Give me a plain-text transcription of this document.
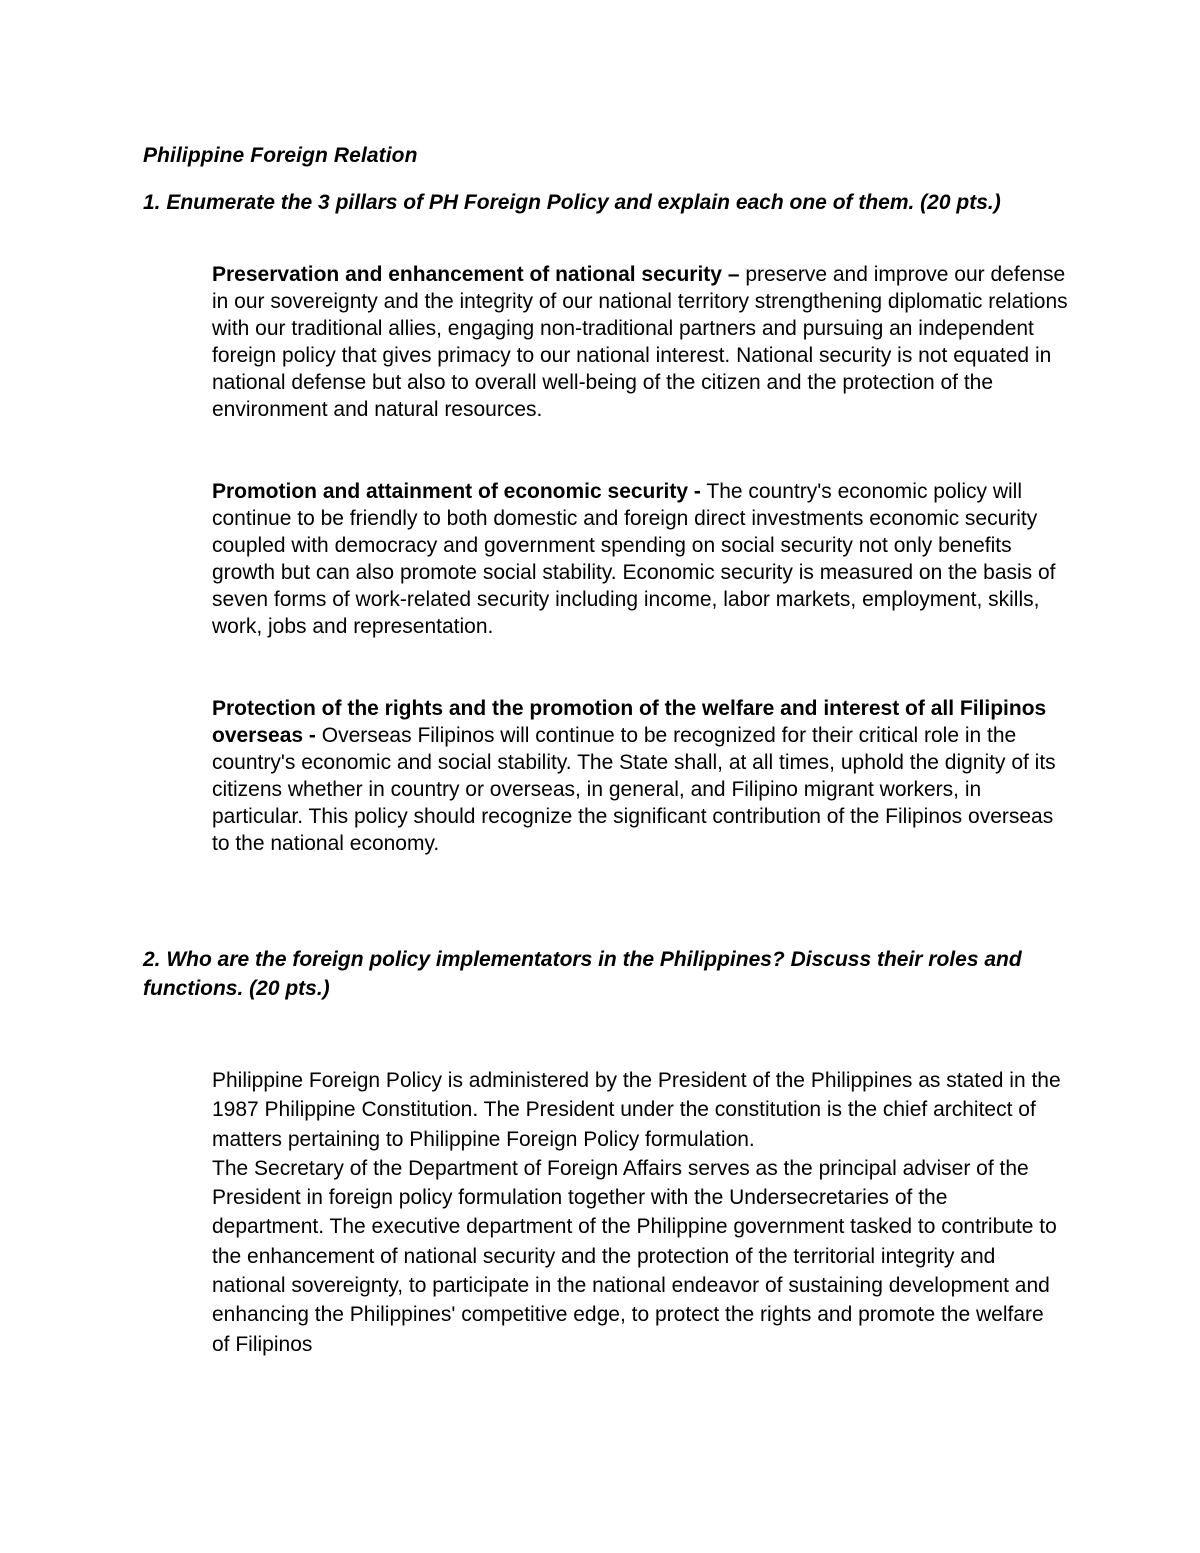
Philippine Foreign Relation

1. Enumerate the 3 pillars of PH Foreign Policy and explain each one of them. (20 pts.)

Preservation and enhancement of national security – preserve and improve our defense in our sovereignty and the integrity of our national territory strengthening diplomatic relations with our traditional allies, engaging non-traditional partners and pursuing an independent foreign policy that gives primacy to our national interest. National security is not equated in national defense but also to overall well-being of the citizen and the protection of the environment and natural resources.

Promotion and attainment of economic security - The country's economic policy will continue to be friendly to both domestic and foreign direct investments economic security coupled with democracy and government spending on social security not only benefits growth but can also promote social stability. Economic security is measured on the basis of seven forms of work-related security including income, labor markets, employment, skills, work, jobs and representation.

Protection of the rights and the promotion of the welfare and interest of all Filipinos overseas - Overseas Filipinos will continue to be recognized for their critical role in the country's economic and social stability. The State shall, at all times, uphold the dignity of its citizens whether in country or overseas, in general, and Filipino migrant workers, in particular. This policy should recognize the significant contribution of the Filipinos overseas to the national economy.

2. Who are the foreign policy implementators in the Philippines? Discuss their roles and functions. (20 pts.)

Philippine Foreign Policy is administered by the President of the Philippines as stated in the 1987 Philippine Constitution. The President under the constitution is the chief architect of matters pertaining to Philippine Foreign Policy formulation.
The Secretary of the Department of Foreign Affairs serves as the principal adviser of the President in foreign policy formulation together with the Undersecretaries of the department. The executive department of the Philippine government tasked to contribute to the enhancement of national security and the protection of the territorial integrity and national sovereignty, to participate in the national endeavor of sustaining development and enhancing the Philippines' competitive edge, to protect the rights and promote the welfare of Filipinos
